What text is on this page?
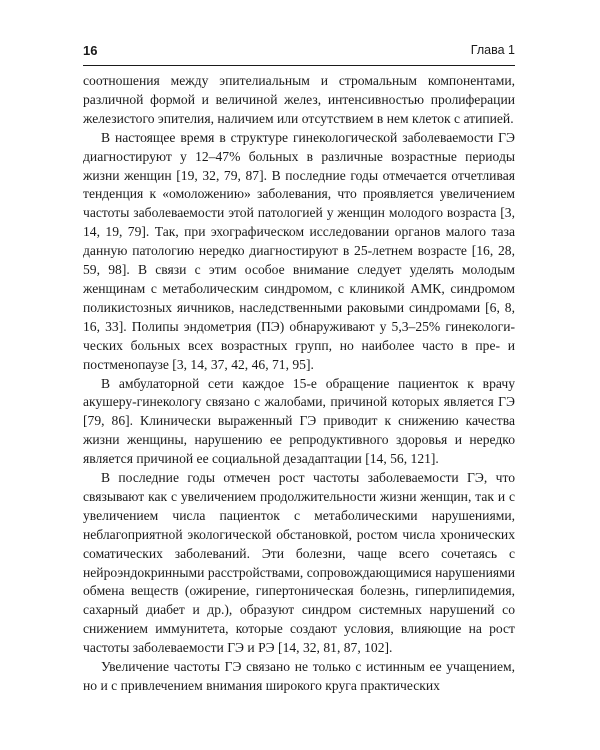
16	Глава 1

соотношения между эпителиальным и стромальным компонентами, различной формой и величиной желез, интенсивностью пролиферации железистого эпителия, наличием или отсутствием в нем клеток с атипией.

В настоящее время в структуре гинекологической заболеваемости ГЭ диагностируют у 12–47% больных в различные возрастные периоды жизни женщин [19, 32, 79, 87]. В последние годы отмечается отчетливая тенденция к «омоложению» заболевания, что проявляется увеличением частоты заболеваемости этой патологией у женщин молодого возраста [3, 14, 19, 79]. Так, при эхографическом исследовании органов малого таза данную патологию нередко диагностируют в 25-летнем возрасте [16, 28, 59, 98]. В связи с этим особое внимание следует уделять молодым женщинам с метаболическим синдромом, с клиникой АМК, синдромом поликистозных яичников, наследственными раковыми синдромами [6, 8, 16, 33]. Полипы эндометрия (ПЭ) обнаруживают у 5,3–25% гинекологических больных всех возрастных групп, но наиболее часто в пре- и постменопаузе [3, 14, 37, 42, 46, 71, 95].

В амбулаторной сети каждое 15-е обращение пациенток к врачу акушеру-гинекологу связано с жалобами, причиной которых является ГЭ [79, 86]. Клинически выраженный ГЭ приводит к снижению качества жизни женщины, нарушению ее репродуктивного здоровья и нередко является причиной ее социальной дезадаптации [14, 56, 121].

В последние годы отмечен рост частоты заболеваемости ГЭ, что связывают как с увеличением продолжительности жизни женщин, так и с увеличением числа пациенток с метаболическими нарушениями, неблагоприятной экологической обстановкой, ростом числа хронических соматических заболеваний. Эти болезни, чаще всего сочетаясь с нейроэндокринными расстройствами, сопровождающимися нарушениями обмена веществ (ожирение, гипертоническая болезнь, гиперлипидемия, сахарный диабет и др.), образуют синдром системных нарушений со снижением иммунитета, которые создают условия, влияющие на рост частоты заболеваемости ГЭ и РЭ [14, 32, 81, 87, 102].

Увеличение частоты ГЭ связано не только с истинным ее учащением, но и с привлечением внимания широкого круга практических
